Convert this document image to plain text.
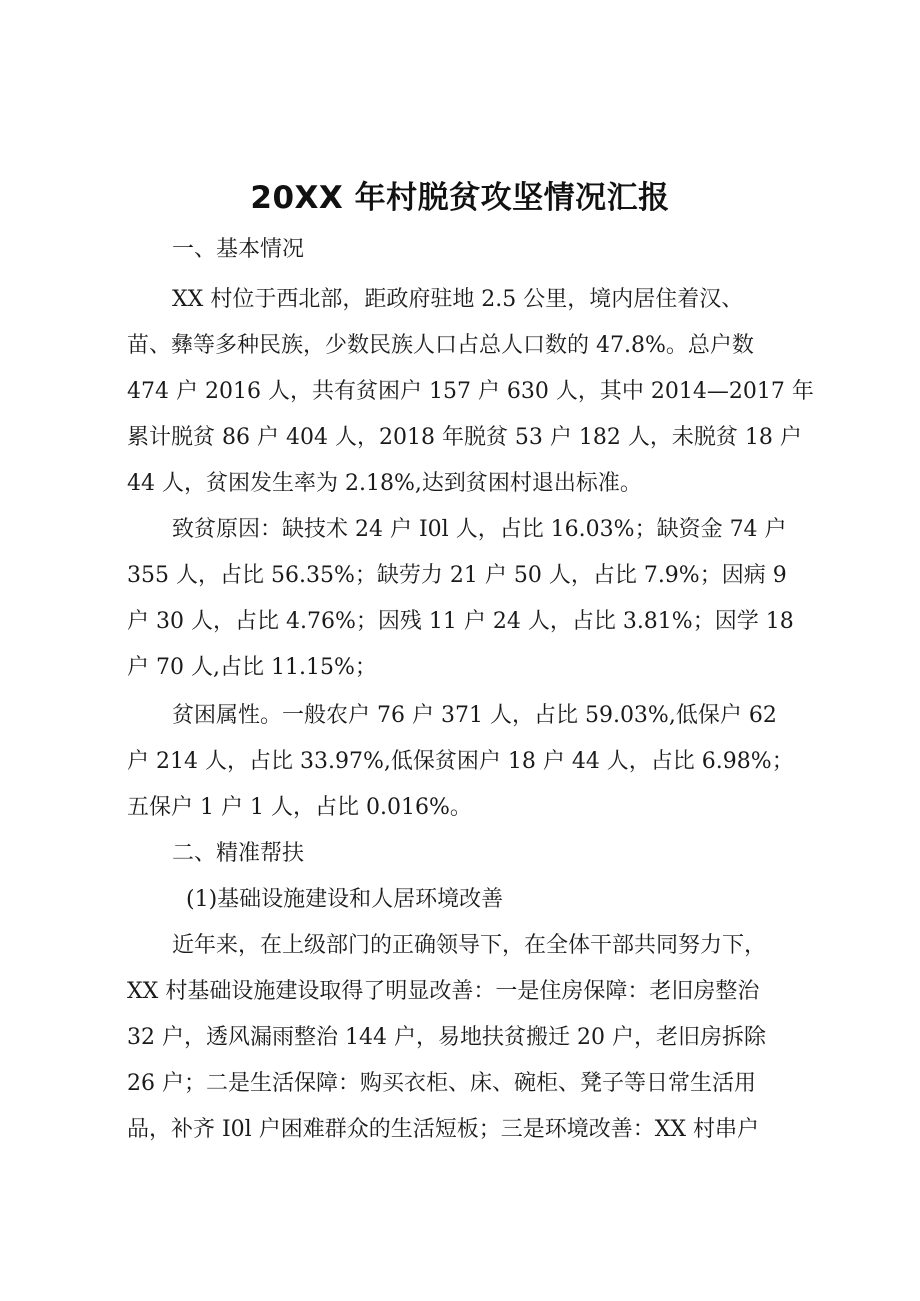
20XX 年村脱贫攻坚情况汇报
一、基本情况
XX 村位于西北部，距政府驻地 2.5 公里，境内居住着汉、
苗、彝等多种民族，少数民族人口占总人口数的 47.8%。总户数
474 户 2016 人，共有贫困户 157 户 630 人，其中 2014—2017 年
累计脱贫 86 户 404 人，2018 年脱贫 53 户 182 人，未脱贫 18 户
44 人，贫困发生率为 2.18%,达到贫困村退出标准。
致贫原因：缺技术 24 户 I0l 人，占比 16.03%；缺资金 74 户
355 人，占比 56.35%；缺劳力 21 户 50 人，占比 7.9%；因病 9
户 30 人，占比 4.76%；因残 11 户 24 人，占比 3.81%；因学 18
户 70 人,占比 11.15%；
贫困属性。一般农户 76 户 371 人，占比 59.03%,低保户 62
户 214 人，占比 33.97%,低保贫困户 18 户 44 人，占比 6.98%；
五保户 1 户 1 人，占比 0.016%。
二、精准帮扶
(1)基础设施建设和人居环境改善
近年来，在上级部门的正确领导下，在全体干部共同努力下，
XX 村基础设施建设取得了明显改善：一是住房保障：老旧房整治
32 户，透风漏雨整治 144 户，易地扶贫搬迁 20 户，老旧房拆除
26 户；二是生活保障：购买衣柜、床、碗柜、凳子等日常生活用
品，补齐 I0l 户困难群众的生活短板；三是环境改善：XX 村串户
